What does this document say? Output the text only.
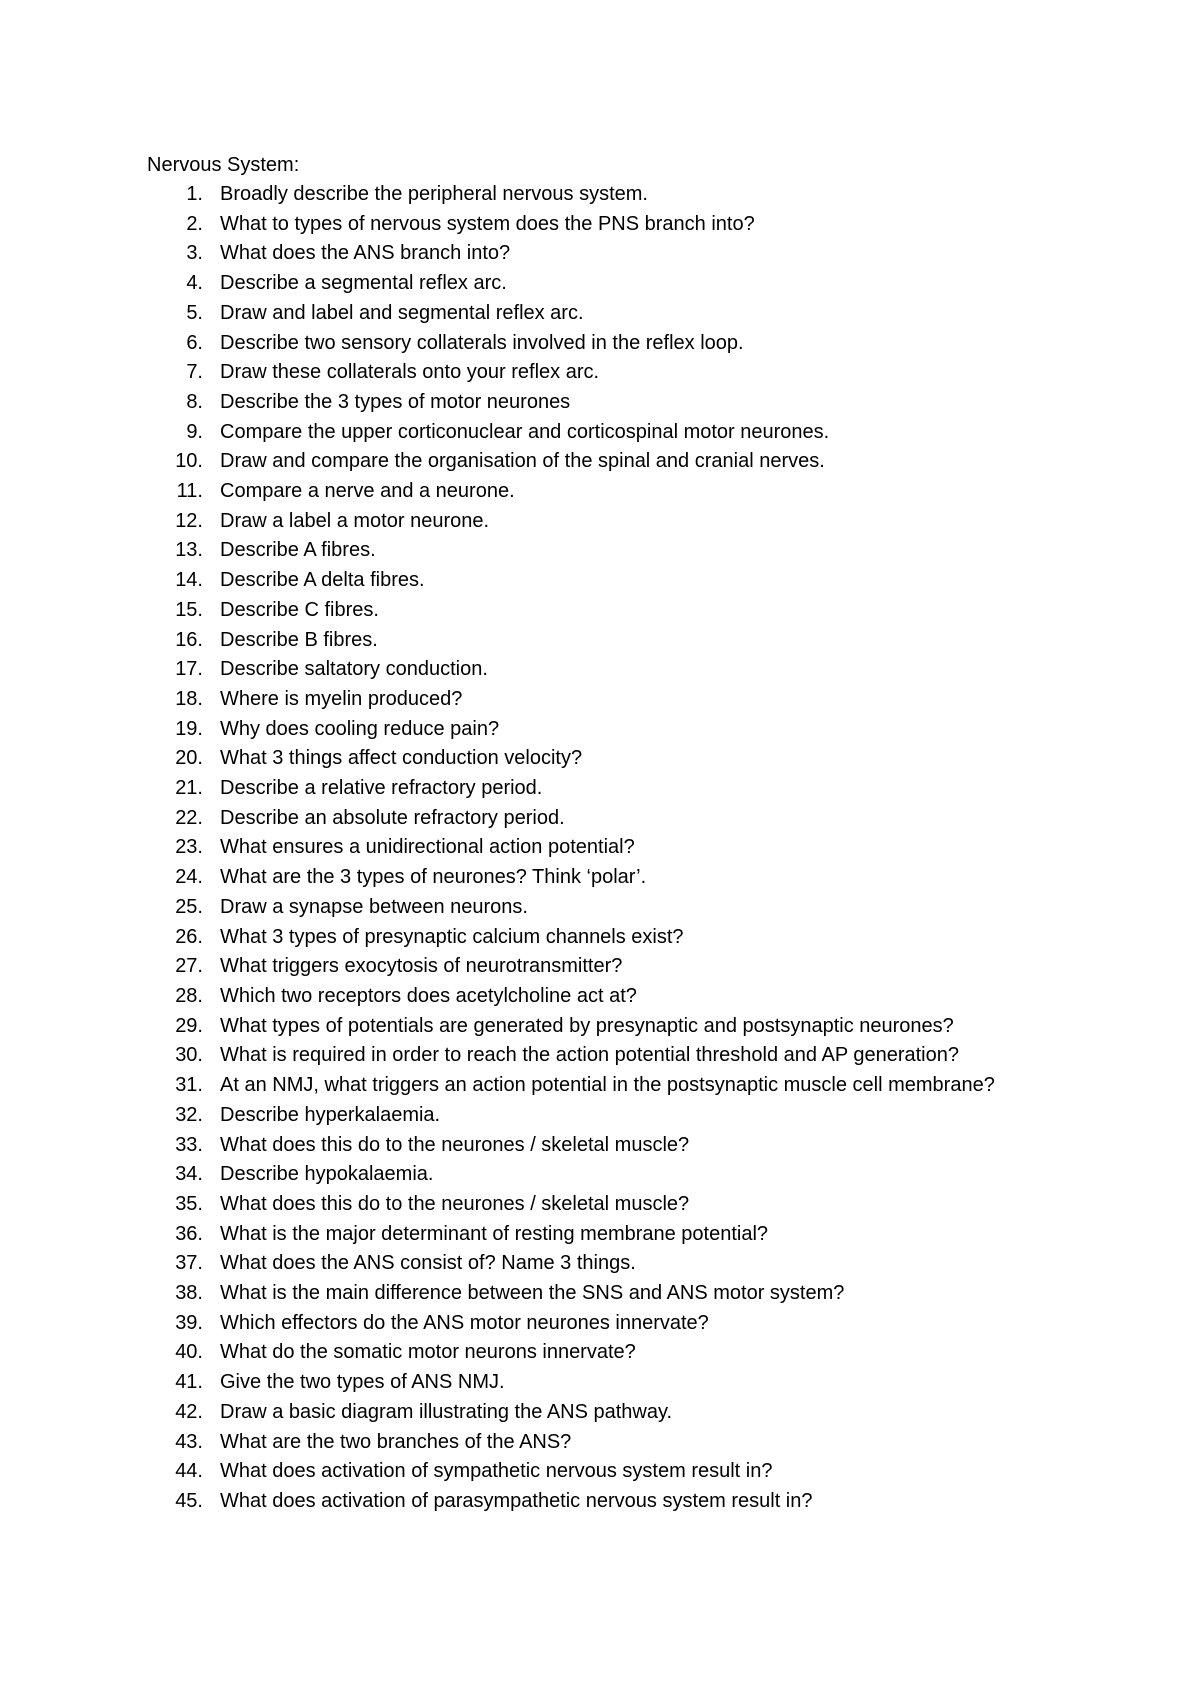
Nervous System:
1. Broadly describe the peripheral nervous system.
2. What to types of nervous system does the PNS branch into?
3. What does the ANS branch into?
4. Describe a segmental reflex arc.
5. Draw and label and segmental reflex arc.
6. Describe two sensory collaterals involved in the reflex loop.
7. Draw these collaterals onto your reflex arc.
8. Describe the 3 types of motor neurones
9. Compare the upper corticonuclear and corticospinal motor neurones.
10. Draw and compare the organisation of the spinal and cranial nerves.
11. Compare a nerve and a neurone.
12. Draw a label a motor neurone.
13. Describe A fibres.
14. Describe A delta fibres.
15. Describe C fibres.
16. Describe B fibres.
17. Describe saltatory conduction.
18. Where is myelin produced?
19. Why does cooling reduce pain?
20. What 3 things affect conduction velocity?
21. Describe a relative refractory period.
22. Describe an absolute refractory period.
23. What ensures a unidirectional action potential?
24. What are the 3 types of neurones? Think ‘polar’.
25. Draw a synapse between neurons.
26. What 3 types of presynaptic calcium channels exist?
27. What triggers exocytosis of neurotransmitter?
28. Which two receptors does acetylcholine act at?
29. What types of potentials are generated by presynaptic and postsynaptic neurones?
30. What is required in order to reach the action potential threshold and AP generation?
31. At an NMJ, what triggers an action potential in the postsynaptic muscle cell membrane?
32. Describe hyperkalaemia.
33. What does this do to the neurones / skeletal muscle?
34. Describe hypokalaemia.
35. What does this do to the neurones / skeletal muscle?
36. What is the major determinant of resting membrane potential?
37. What does the ANS consist of? Name 3 things.
38. What is the main difference between the SNS and ANS motor system?
39. Which effectors do the ANS motor neurones innervate?
40. What do the somatic motor neurons innervate?
41. Give the two types of ANS NMJ.
42. Draw a basic diagram illustrating the ANS pathway.
43. What are the two branches of the ANS?
44. What does activation of sympathetic nervous system result in?
45. What does activation of parasympathetic nervous system result in?
